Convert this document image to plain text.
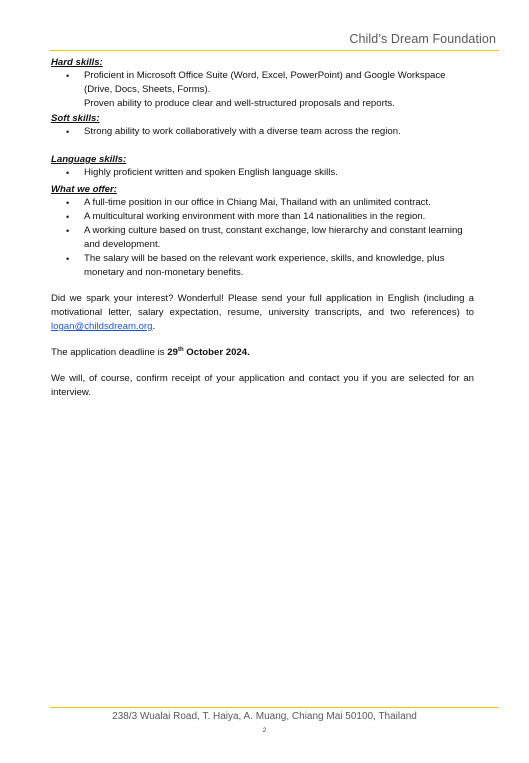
Child’s Dream Foundation
Hard skills:
• Proficient in Microsoft Office Suite (Word, Excel, PowerPoint) and Google Workspace (Drive, Docs, Sheets, Forms).
Proven ability to produce clear and well-structured proposals and reports.
Soft skills:
• Strong ability to work collaboratively with a diverse team across the region.
Language skills:
• Highly proficient written and spoken English language skills.
What we offer:
• A full-time position in our office in Chiang Mai, Thailand with an unlimited contract.
• A multicultural working environment with more than 14 nationalities in the region.
• A working culture based on trust, constant exchange, low hierarchy and constant learning and development.
• The salary will be based on the relevant work experience, skills, and knowledge, plus monetary and non-monetary benefits.

Did we spark your interest? Wonderful! Please send your full application in English (including a motivational letter, salary expectation, resume, university transcripts, and two references) to logan@childsdream.org.

The application deadline is 29th October 2024.

We will, of course, confirm receipt of your application and contact you if you are selected for an interview.

238/3 Wualai Road, T. Haiya, A. Muang, Chiang Mai 50100, Thailand
2
